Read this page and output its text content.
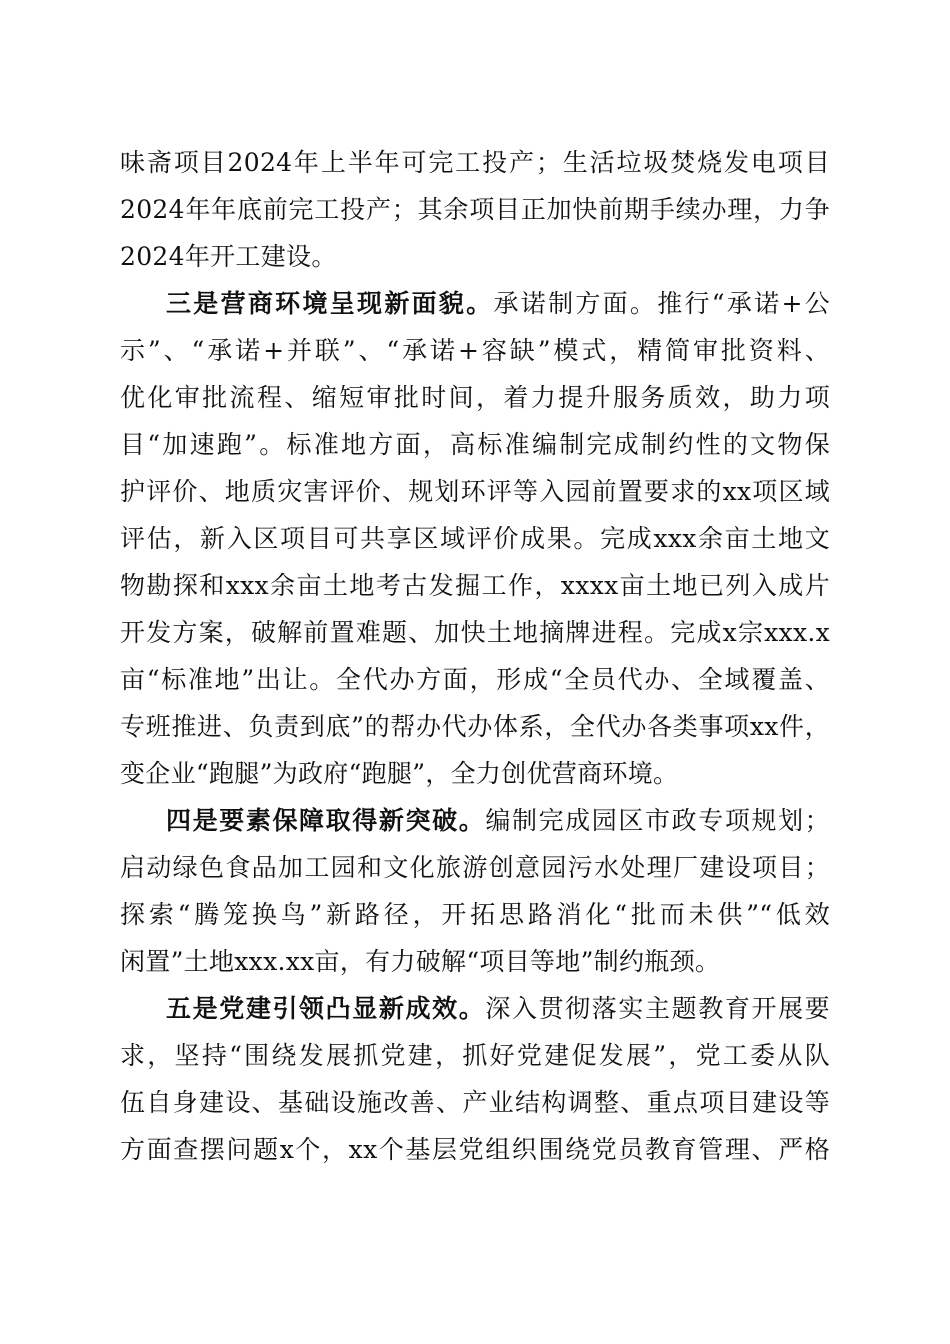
味斋项目2024年上半年可完工投产；生活垃圾焚烧发电项目
2024年年底前完工投产；其余项目正加快前期手续办理，力争
2024年开工建设。
三是营商环境呈现新面貌。承诺制方面。推行“承诺+公
示”、“承诺+并联”、“承诺+容缺”模式，精简审批资料、
优化审批流程、缩短审批时间，着力提升服务质效，助力项
目“加速跑”。标准地方面，高标准编制完成制约性的文物保
护评价、地质灾害评价、规划环评等入园前置要求的xx项区域
评估，新入区项目可共享区域评价成果。完成xxx余亩土地文
物勘探和xxx余亩土地考古发掘工作，xxxx亩土地已列入成片
开发方案，破解前置难题、加快土地摘牌进程。完成x宗xxx.x
亩“标准地”出让。全代办方面，形成“全员代办、全域覆盖、
专班推进、负责到底”的帮办代办体系，全代办各类事项xx件，
变企业“跑腿”为政府“跑腿”，全力创优营商环境。
四是要素保障取得新突破。编制完成园区市政专项规划；
启动绿色食品加工园和文化旅游创意园污水处理厂建设项目；
探索“腾笼换鸟”新路径，开拓思路消化“批而未供”“低效
闲置”土地xxx.xx亩，有力破解“项目等地”制约瓶颈。
五是党建引领凸显新成效。深入贯彻落实主题教育开展要
求，坚持“围绕发展抓党建，抓好党建促发展”，党工委从队
伍自身建设、基础设施改善、产业结构调整、重点项目建设等
方面查摆问题x个，xx个基层党组织围绕党员教育管理、严格
